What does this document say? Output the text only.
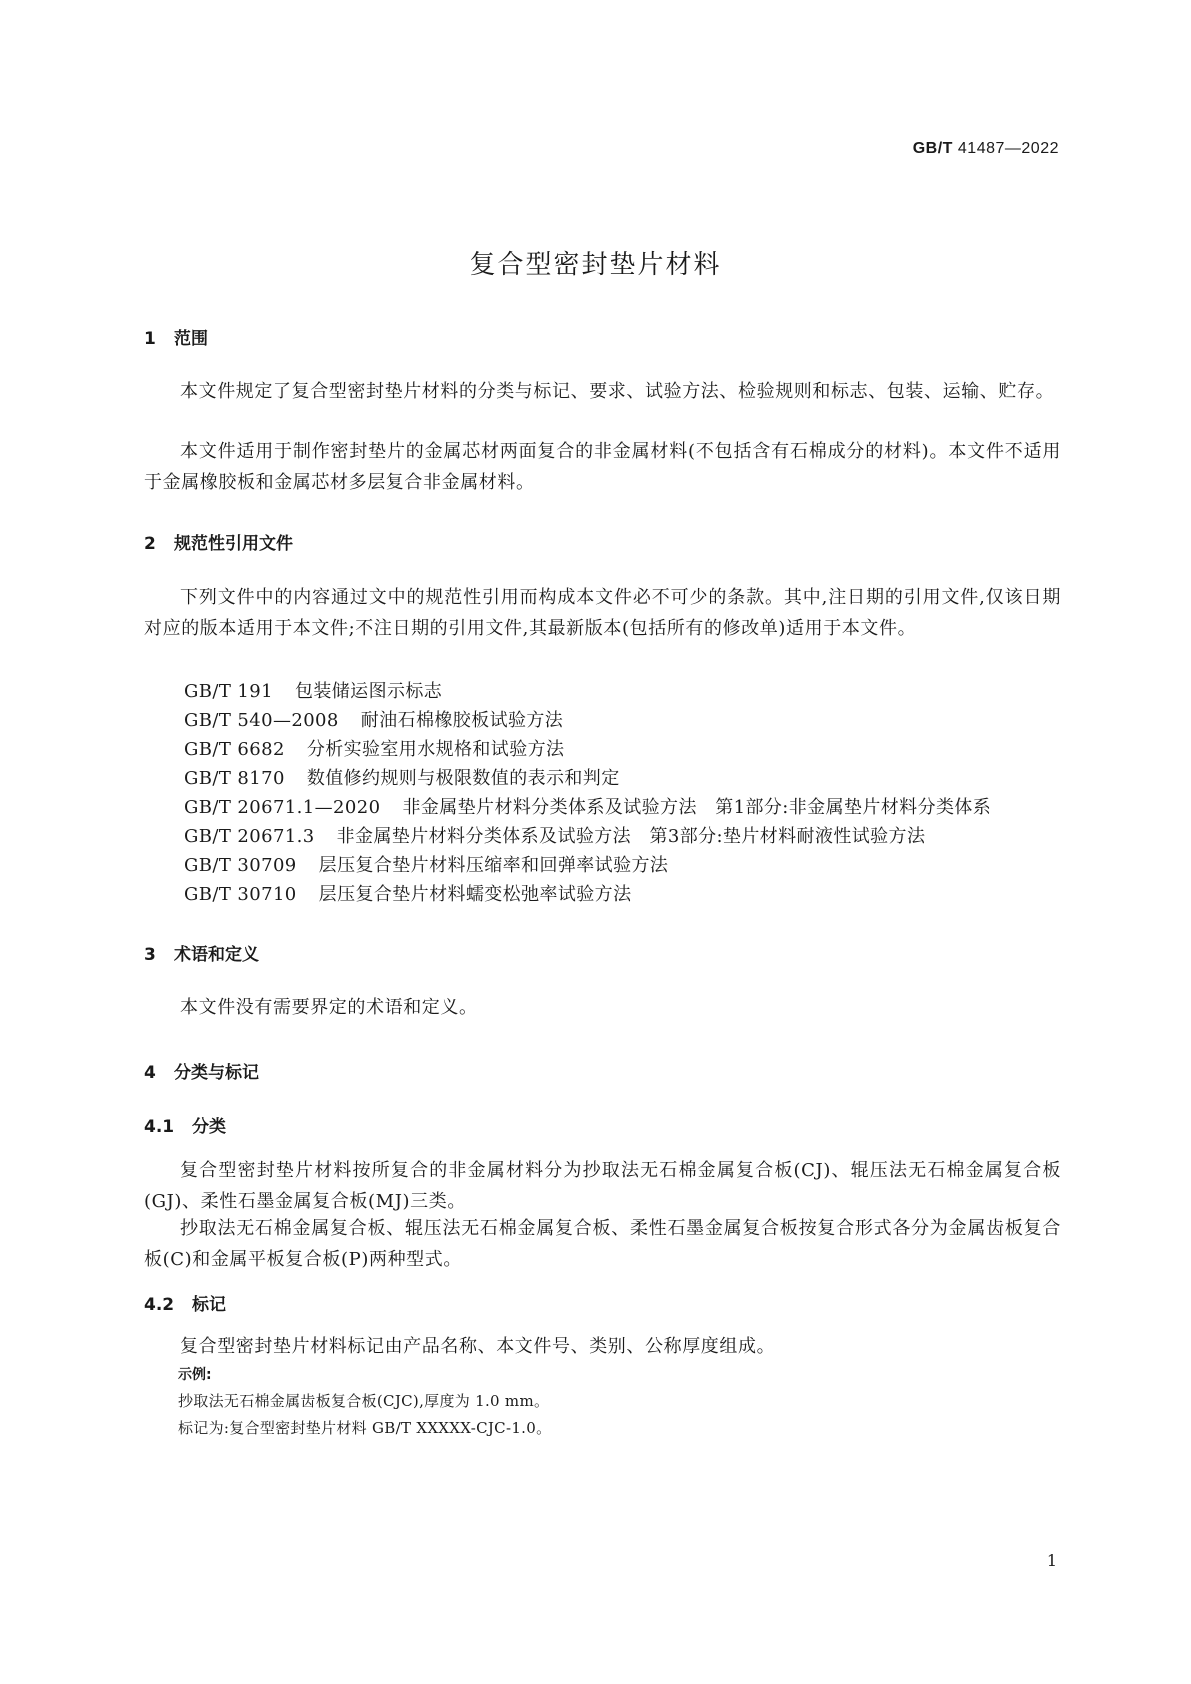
GB/T 41487—2022
复合型密封垫片材料
1 范围
本文件规定了复合型密封垫片材料的分类与标记、要求、试验方法、检验规则和标志、包装、运输、贮存。
本文件适用于制作密封垫片的金属芯材两面复合的非金属材料(不包括含有石棉成分的材料)。本文件不适用于金属橡胶板和金属芯材多层复合非金属材料。
2 规范性引用文件
下列文件中的内容通过文中的规范性引用而构成本文件必不可少的条款。其中,注日期的引用文件,仅该日期对应的版本适用于本文件;不注日期的引用文件,其最新版本(包括所有的修改单)适用于本文件。
GB/T 191 包装储运图示标志
GB/T 540—2008 耐油石棉橡胶板试验方法
GB/T 6682 分析实验室用水规格和试验方法
GB/T 8170 数值修约规则与极限数值的表示和判定
GB/T 20671.1—2020 非金属垫片材料分类体系及试验方法　第1部分:非金属垫片材料分类体系
GB/T 20671.3 非金属垫片材料分类体系及试验方法　第3部分:垫片材料耐液性试验方法
GB/T 30709 层压复合垫片材料压缩率和回弹率试验方法
GB/T 30710 层压复合垫片材料蠕变松弛率试验方法
3 术语和定义
本文件没有需要界定的术语和定义。
4 分类与标记
4.1 分类
复合型密封垫片材料按所复合的非金属材料分为抄取法无石棉金属复合板(CJ)、辊压法无石棉金属复合板(GJ)、柔性石墨金属复合板(MJ)三类。
抄取法无石棉金属复合板、辊压法无石棉金属复合板、柔性石墨金属复合板按复合形式各分为金属齿板复合板(C)和金属平板复合板(P)两种型式。
4.2 标记
复合型密封垫片材料标记由产品名称、本文件号、类别、公称厚度组成。
示例:
抄取法无石棉金属齿板复合板(CJC),厚度为 1.0 mm。
标记为:复合型密封垫片材料 GB/T XXXXX-CJC-1.0。
1
